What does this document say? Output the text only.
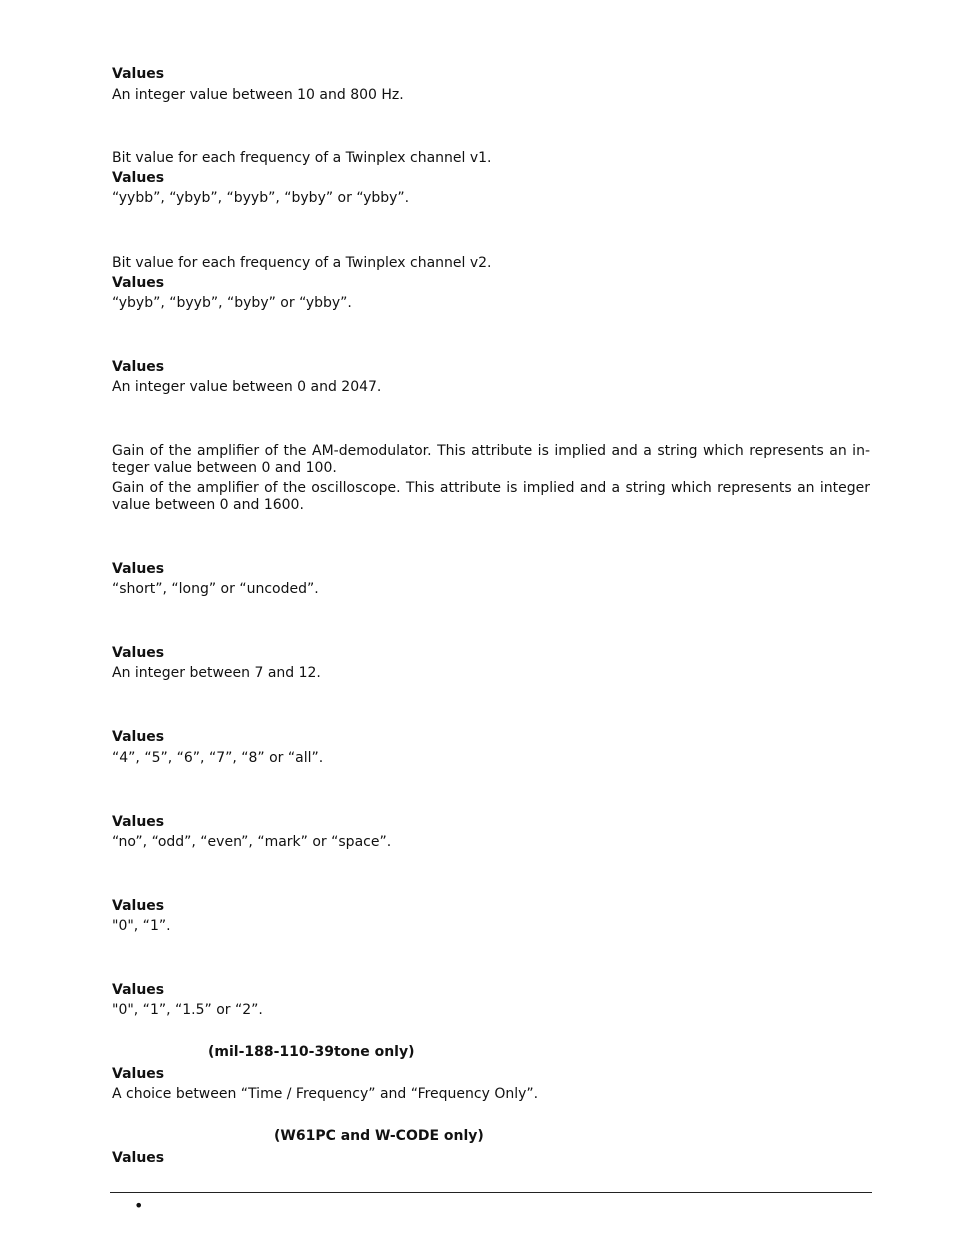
Values
An integer value between 10 and 800 Hz.
Bit value for each frequency of a Twinplex channel v1.
Values
“yybb”, “ybyb”, “byyb”, “byby” or “ybby”.
Bit value for each frequency of a Twinplex channel v2.
Values
“ybyb”, “byyb”, “byby” or “ybby”.
Values
An integer value between 0 and 2047.
Gain of the amplifier of the AM-demodulator. This attribute is implied and a string which represents an in-teger value between 0 and 100.
Gain of the amplifier of the oscilloscope. This attribute is implied and a string which represents an integer value between 0 and 1600.
Values
“short”, “long” or “uncoded”.
Values
An integer between 7 and 12.
Values
“4”, “5”, “6”, “7”, “8” or “all”.
Values
“no”, “odd”, “even”, “mark” or “space”.
Values
"0", “1”.
Values
"0", “1”, “1.5” or “2”.
(mil-188-110-39tone only)
Values
A choice between “Time / Frequency” and “Frequency Only”.
(W61PC and W-CODE only)
Values
•
